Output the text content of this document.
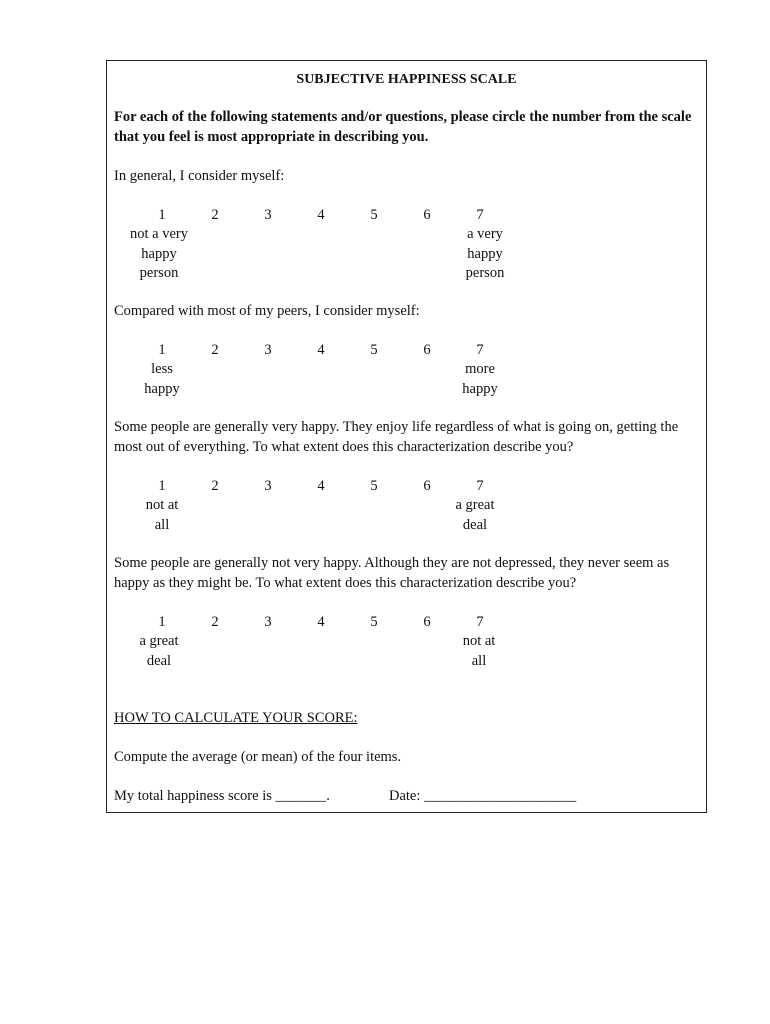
SUBJECTIVE HAPPINESS SCALE
For each of the following statements and/or questions, please circle the number from the scale that you feel is most appropriate in describing you.
In general, I consider myself:
1	2	3	4	5	6	7
not a very
happy
person
a very
happy
person
Compared with most of my peers, I consider myself:
1	2	3	4	5	6	7
less
happy
more
happy
Some people are generally very happy. They enjoy life regardless of what is going on, getting the most out of everything. To what extent does this characterization describe you?
1	2	3	4	5	6	7
not at
all
a great
deal
Some people are generally not very happy. Although they are not depressed, they never seem as happy as they might be. To what extent does this characterization describe you?
1	2	3	4	5	6	7
a great
deal
not at
all
HOW TO CALCULATE YOUR SCORE:
Compute the average (or mean) of the four items.
My total happiness score is _______.	Date: _____________________
